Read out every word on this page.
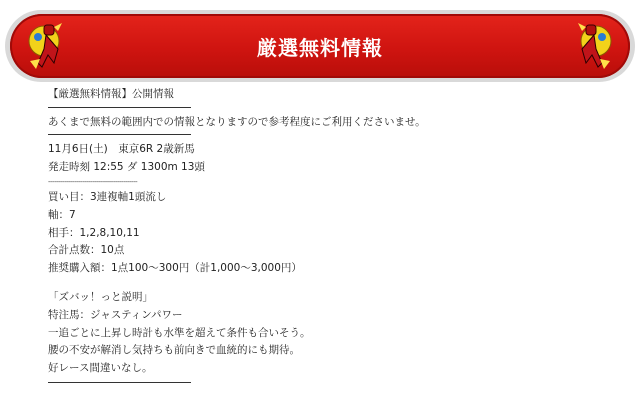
厳選無料情報
【厳選無料情報】公開情報
あくまで無料の範囲内での情報となりますので参考程度にご利用くださいませ。
11月6日(土)　東京6R 2歳新馬
発走時刻 12:55 ダ 1300m 13頭
--------------------------------------------
買い目：3連複軸1頭流し
軸：7
相手：1,2,8,10,11
合計点数：10点
推奨購入額：1点100～300円（計1,000～3,000円）
「ズバッ！っと説明」
特注馬：ジャスティンパワー
一追ごとに上昇し時計も水準を超えて条件も合いそう。
腰の不安が解消し気持ちも前向きで血統的にも期待。
好レース間違いなし。
